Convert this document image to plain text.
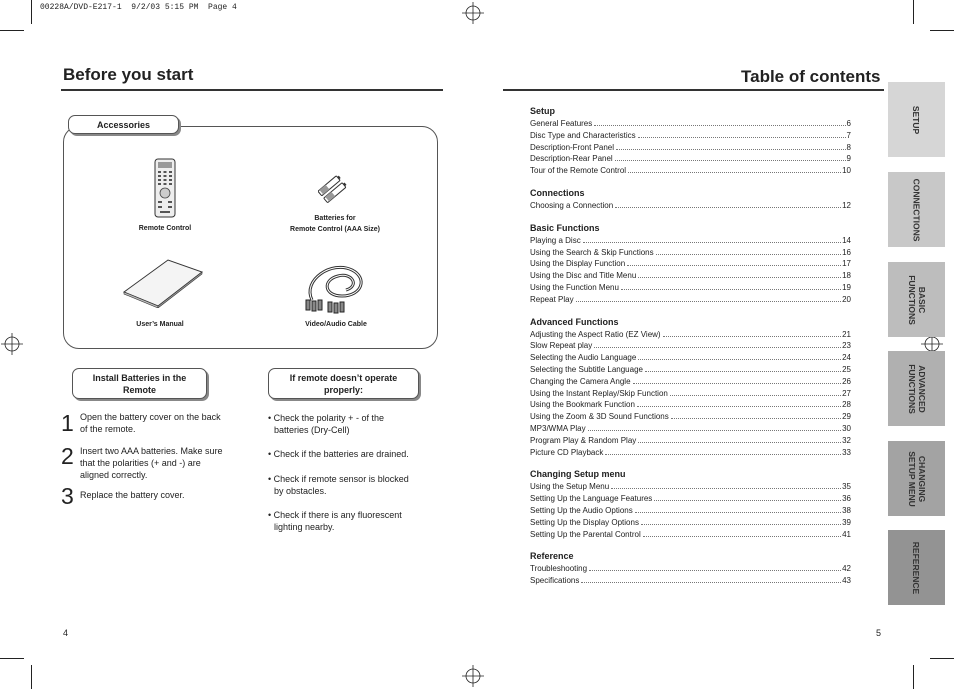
00228A/DVD-E217-1  9/2/03 5:15 PM  Page 4
Before you start
Accessories
Remote Control
Batteries for
Remote Control (AAA Size)
User’s Manual	Video/Audio Cable
Install Batteries in the
Remote
1 Open the battery cover on the back
of the remote.
2 Insert two AAA batteries. Make sure
that the polarities (+ and -) are
aligned correctly.
3 Replace the battery cover.
If remote doesn’t operate
properly:
• Check the polarity + - of the
batteries (Dry-Cell)
• Check if the batteries are drained.
• Check if remote sensor is blocked
by obstacles.
• Check if there is any fluorescent
lighting nearby.
4
Table of contents
Setup
General Features	6
Disc Type and Characteristics	7
Description-Front Panel	8
Description-Rear Panel	9
Tour of the Remote Control	10
Connections
Choosing a Connection	12
Basic Functions
Playing a Disc	14
Using the Search & Skip Functions	16
Using the Display Function	17
Using the Disc and Title Menu	18
Using the Function Menu	19
Repeat Play	20
Advanced Functions
Adjusting the Aspect Ratio (EZ View)	21
Slow Repeat play	23
Selecting the Audio Language	24
Selecting the Subtitle Language	25
Changing the Camera Angle	26
Using the Instant Replay/Skip Function	27
Using the Bookmark Function	28
Using the Zoom & 3D Sound Functions	29
MP3/WMA Play	30
Program Play & Random Play	32
Picture CD Playback	33
Changing Setup menu
Using the Setup Menu	35
Setting Up the Language Features	36
Setting Up the Audio Options	38
Setting Up the Display Options	39
Setting Up the Parental Control	41
Reference
Troubleshooting	42
Specifications	43
SETUP
CONNECTIONS
BASIC
FUNCTIONS
ADVANCED
FUNCTIONS
CHANGING
SETUP MENU
REFERENCE
5
